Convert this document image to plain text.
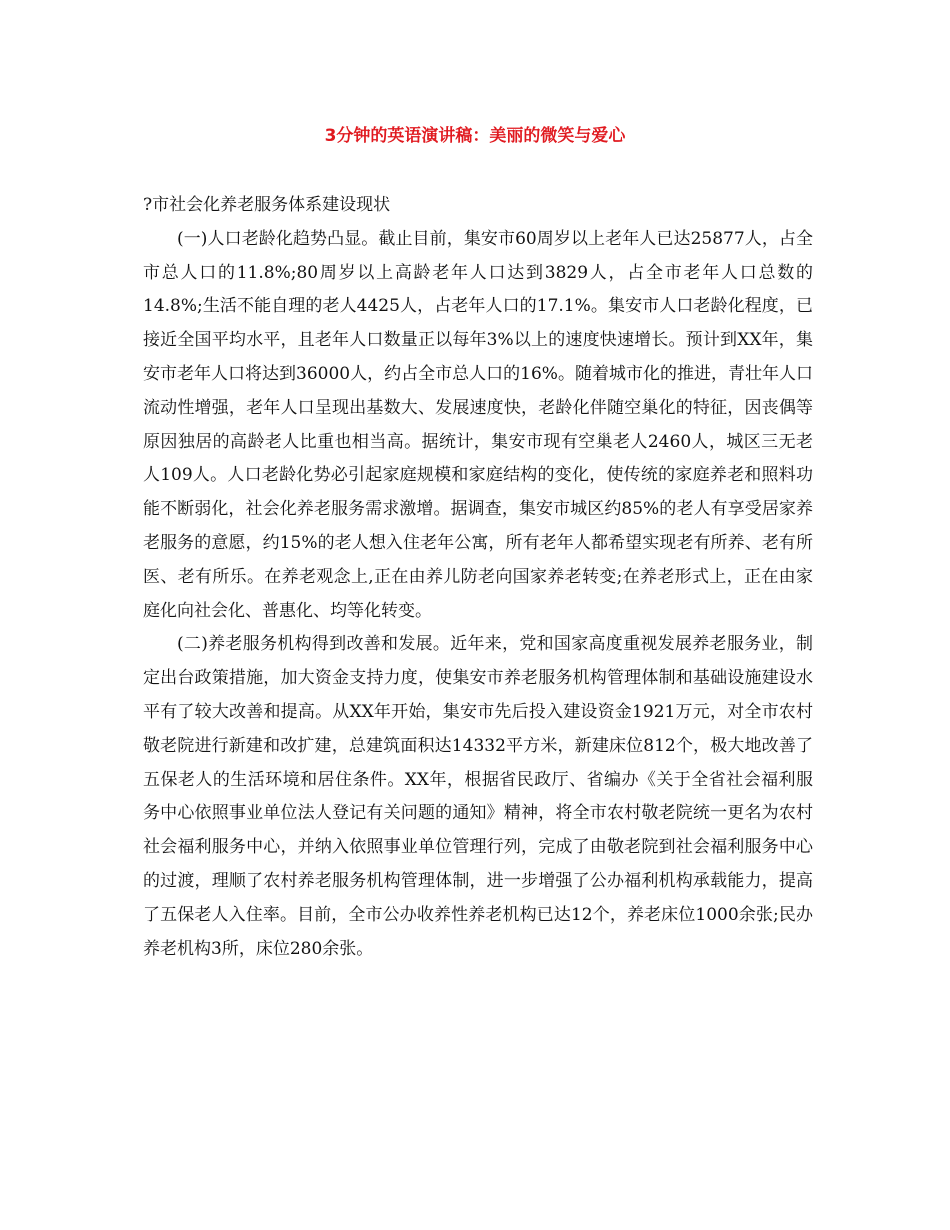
3分钟的英语演讲稿：美丽的微笑与爱心

?市社会化养老服务体系建设现状

(一)人口老龄化趋势凸显。截止目前，集安市60周岁以上老年人已达25877人，占全市总人口的11.8%;80周岁以上高龄老年人口达到3829人，占全市老年人口总数的14.8%;生活不能自理的老人4425人，占老年人口的17.1%。集安市人口老龄化程度，已接近全国平均水平，且老年人口数量正以每年3%以上的速度快速增长。预计到XX年，集安市老年人口将达到36000人，约占全市总人口的16%。随着城市化的推进，青壮年人口流动性增强，老年人口呈现出基数大、发展速度快，老龄化伴随空巢化的特征，因丧偶等原因独居的高龄老人比重也相当高。据统计，集安市现有空巢老人2460人，城区三无老人109人。人口老龄化势必引起家庭规模和家庭结构的变化，使传统的家庭养老和照料功能不断弱化，社会化养老服务需求激增。据调查，集安市城区约85%的老人有享受居家养老服务的意愿，约15%的老人想入住老年公寓，所有老年人都希望实现老有所养、老有所医、老有所乐。在养老观念上,正在由养儿防老向国家养老转变;在养老形式上，正在由家庭化向社会化、普惠化、均等化转变。

(二)养老服务机构得到改善和发展。近年来，党和国家高度重视发展养老服务业，制定出台政策措施，加大资金支持力度，使集安市养老服务机构管理体制和基础设施建设水平有了较大改善和提高。从XX年开始，集安市先后投入建设资金1921万元，对全市农村敬老院进行新建和改扩建，总建筑面积达14332平方米，新建床位812个，极大地改善了五保老人的生活环境和居住条件。XX年，根据省民政厅、省编办《关于全省社会福利服务中心依照事业单位法人登记有关问题的通知》精神，将全市农村敬老院统一更名为农村社会福利服务中心，并纳入依照事业单位管理行列，完成了由敬老院到社会福利服务中心的过渡，理顺了农村养老服务机构管理体制，进一步增强了公办福利机构承载能力，提高了五保老人入住率。目前，全市公办收养性养老机构已达12个，养老床位1000余张;民办养老机构3所，床位280余张。
